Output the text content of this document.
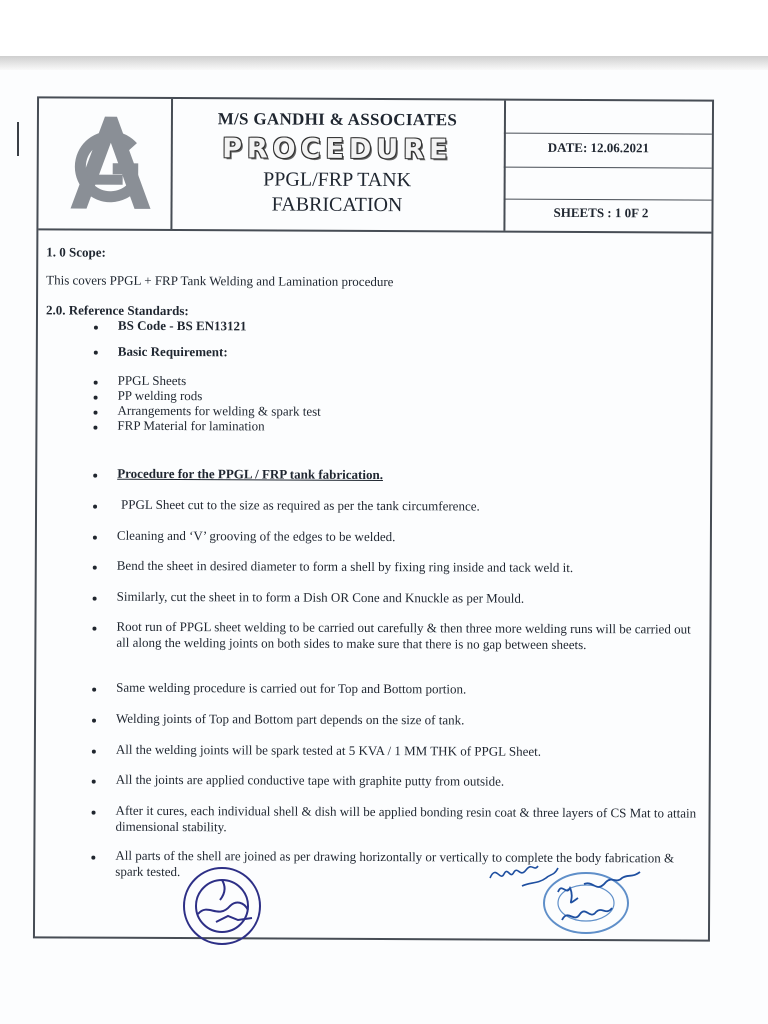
M/S GANDHI & ASSOCIATES
PROCEDURE
PPGL/FRP TANK
FABRICATION
DATE: 12.06.2021
SHEETS : 1 0F 2
1. 0 Scope:
This covers PPGL + FRP Tank Welding and Lamination procedure
2.0. Reference Standards:
BS Code - BS EN13121
Basic Requirement:
PPGL Sheets
PP welding rods
Arrangements for welding & spark test
FRP Material for lamination
Procedure for the PPGL / FRP tank fabrication.
PPGL Sheet cut to the size as required as per the tank circumference.
Cleaning and ‘V’ grooving of the edges to be welded.
Bend the sheet in desired diameter to form a shell by fixing ring inside and tack weld it.
Similarly, cut the sheet in to form a Dish OR Cone and Knuckle as per Mould.
Root run of PPGL sheet welding to be carried out carefully & then three more welding runs will be carried out all along the welding joints on both sides to make sure that there is no gap between sheets.
Same welding procedure is carried out for Top and Bottom portion.
Welding joints of Top and Bottom part depends on the size of tank.
All the welding joints will be spark tested at 5 KVA / 1 MM THK of PPGL Sheet.
All the joints are applied conductive tape with graphite putty from outside.
After it cures, each individual shell & dish will be applied bonding resin coat & three layers of CS Mat to attain dimensional stability.
All parts of the shell are joined as per drawing horizontally or vertically to complete the body fabrication & spark tested.
